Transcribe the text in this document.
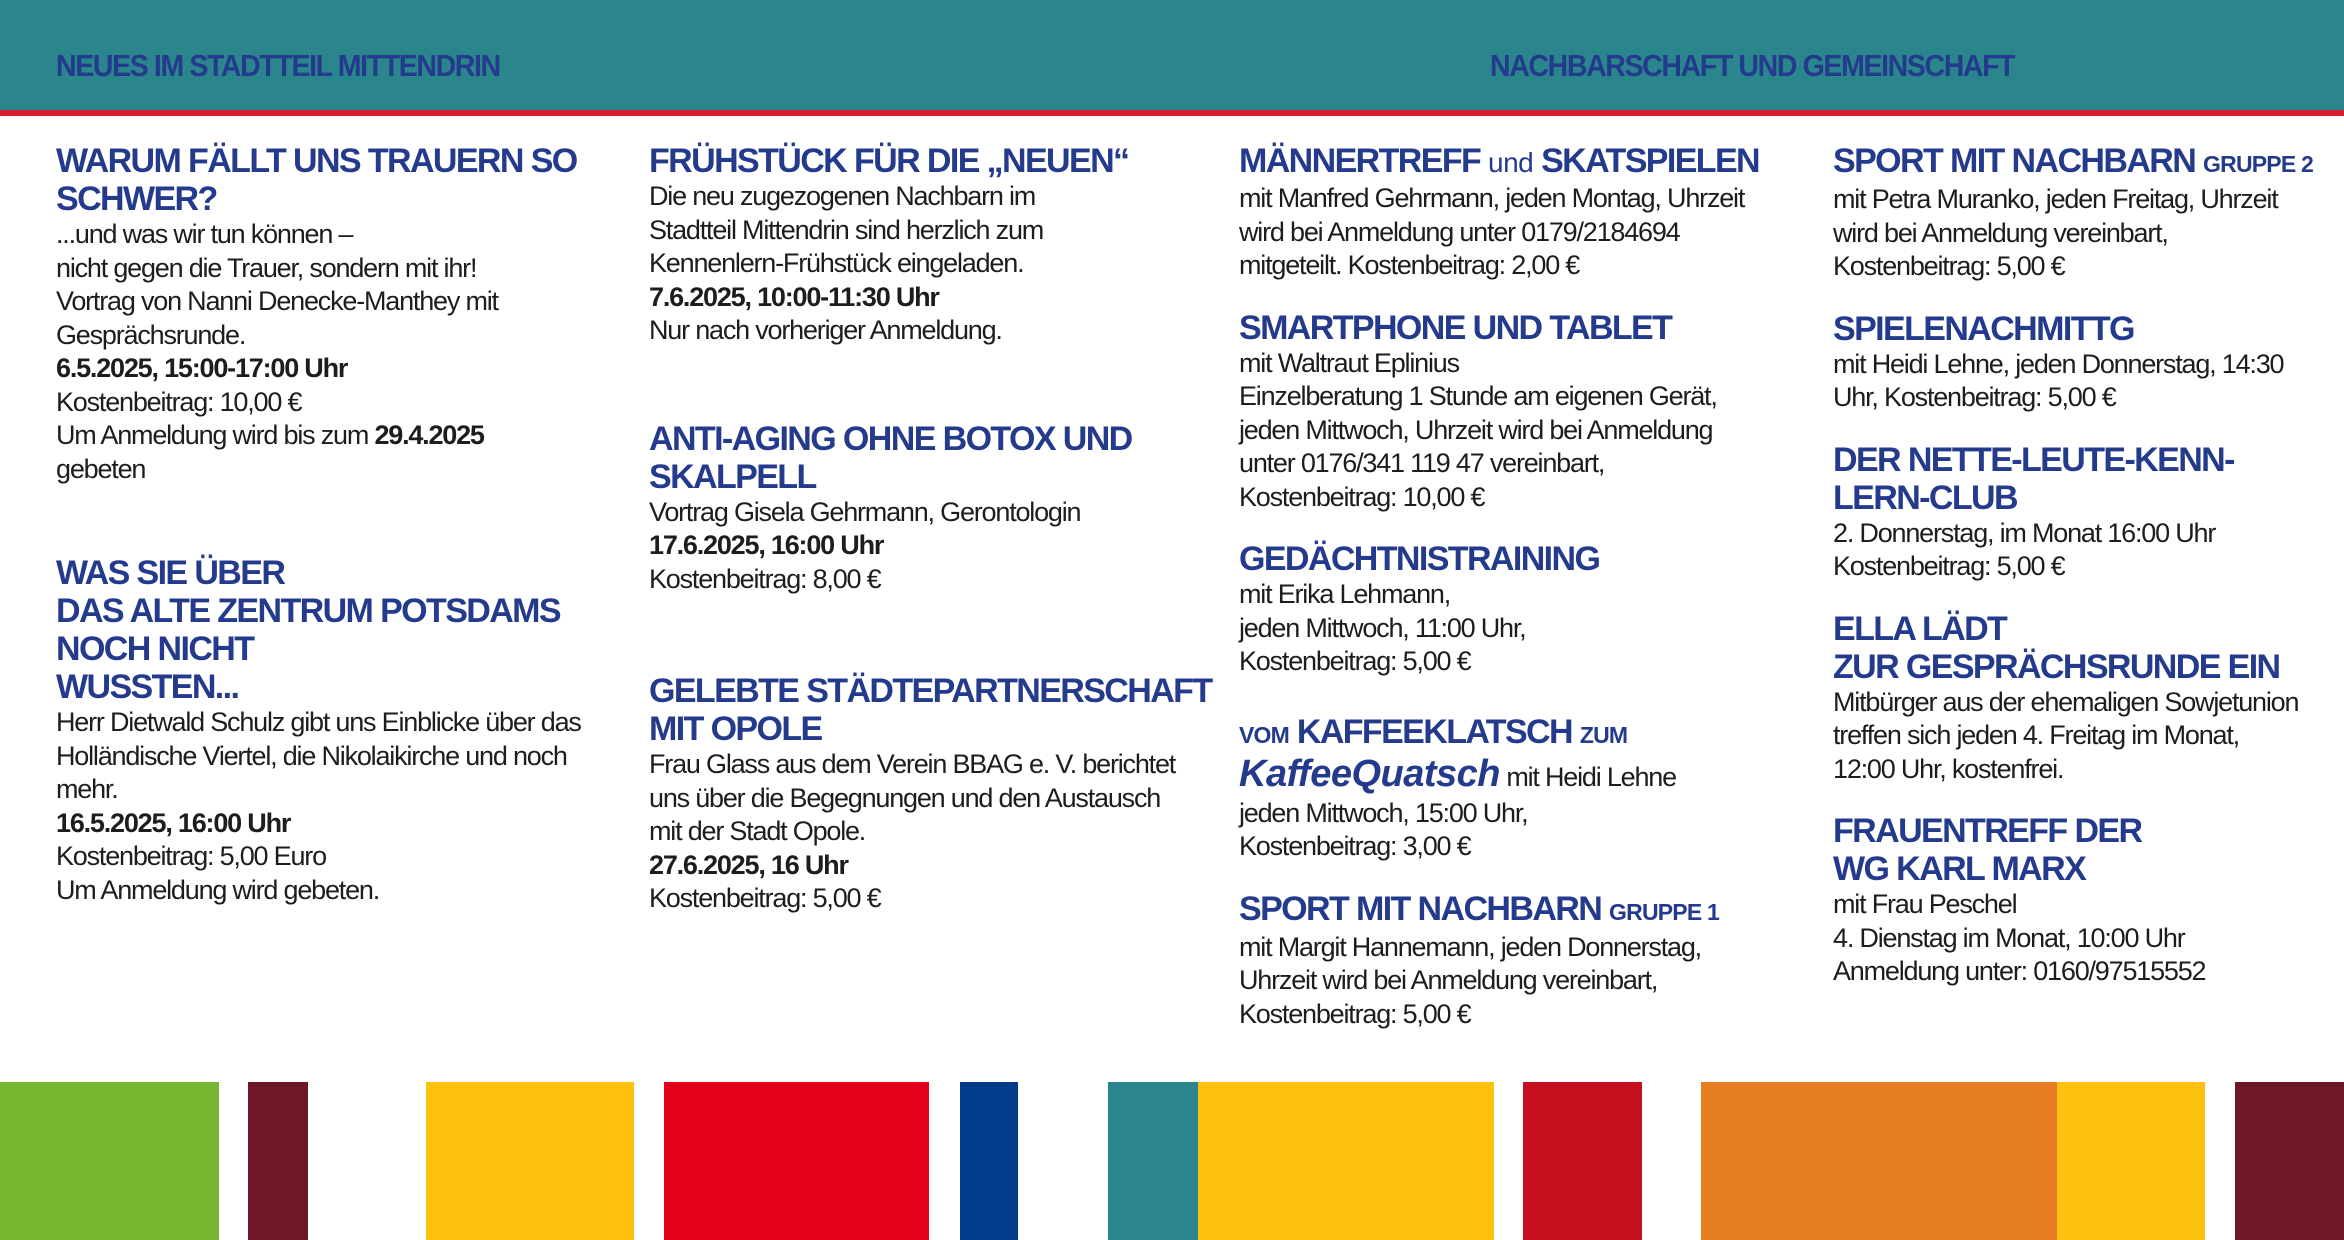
NEUES IM STADTTEIL MITTENDRIN	NACHBARSCHAFT UND GEMEINSCHAFT
WARUM FÄLLT UNS TRAUERN SO
SCHWER?
...und was wir tun können –
nicht gegen die Trauer, sondern mit ihr!
Vortrag von Nanni Denecke-Manthey mit
Gesprächsrunde.
6.5.2025, 15:00-17:00 Uhr
Kostenbeitrag: 10,00 €
Um Anmeldung wird bis zum 29.4.2025
gebeten
WAS SIE ÜBER
DAS ALTE ZENTRUM POTSDAMS
NOCH NICHT
WUSSTEN...
Herr Dietwald Schulz gibt uns Einblicke über das
Holländische Viertel, die Nikolaikirche und noch
mehr.
16.5.2025, 16:00 Uhr
Kostenbeitrag: 5,00 Euro
Um Anmeldung wird gebeten.
FRÜHSTÜCK FÜR DIE „NEUEN“
Die neu zugezogenen Nachbarn im
Stadtteil Mittendrin sind herzlich zum
Kennenlern-Frühstück eingeladen.
7.6.2025, 10:00-11:30 Uhr
Nur nach vorheriger Anmeldung.
ANTI-AGING OHNE BOTOX UND
SKALPELL
Vortrag Gisela Gehrmann, Gerontologin
17.6.2025, 16:00 Uhr
Kostenbeitrag: 8,00 €
GELEBTE STÄDTEPARTNERSCHAFT
MIT OPOLE
Frau Glass aus dem Verein BBAG e. V. berichtet
uns über die Begegnungen und den Austausch
mit der Stadt Opole.
27.6.2025, 16 Uhr
Kostenbeitrag: 5,00 €
MÄNNERTREFF und SKATSPIELEN
mit Manfred Gehrmann, jeden Montag, Uhrzeit
wird bei Anmeldung unter 0179/2184694
mitgeteilt. Kostenbeitrag: 2,00 €
SMARTPHONE UND TABLET
mit Waltraut Eplinius
Einzelberatung 1 Stunde am eigenen Gerät,
jeden Mittwoch, Uhrzeit wird bei Anmeldung
unter 0176/341 119 47 vereinbart,
Kostenbeitrag: 10,00 €
GEDÄCHTNISTRAINING
mit Erika Lehmann,
jeden Mittwoch, 11:00 Uhr,
Kostenbeitrag: 5,00 €
VOM KAFFEEKLATSCH ZUM
KaffeeQuatsch mit Heidi Lehne
jeden Mittwoch, 15:00 Uhr,
Kostenbeitrag: 3,00 €
SPORT MIT NACHBARN GRUPPE 1
mit Margit Hannemann, jeden Donnerstag,
Uhrzeit wird bei Anmeldung vereinbart,
Kostenbeitrag: 5,00 €
SPORT MIT NACHBARN GRUPPE 2
mit Petra Muranko, jeden Freitag, Uhrzeit
wird bei Anmeldung vereinbart,
Kostenbeitrag: 5,00 €
SPIELENACHMITTG
mit Heidi Lehne, jeden Donnerstag, 14:30
Uhr, Kostenbeitrag: 5,00 €
DER NETTE-LEUTE-KENN-
LERN-CLUB
2. Donnerstag, im Monat 16:00 Uhr
Kostenbeitrag: 5,00 €
ELLA LÄDT
ZUR GESPRÄCHSRUNDE EIN
Mitbürger aus der ehemaligen Sowjetunion
treffen sich jeden 4. Freitag im Monat,
12:00 Uhr, kostenfrei.
FRAUENTREFF DER
WG KARL MARX
mit Frau Peschel
4. Dienstag im Monat, 10:00 Uhr
Anmeldung unter: 0160/97515552
